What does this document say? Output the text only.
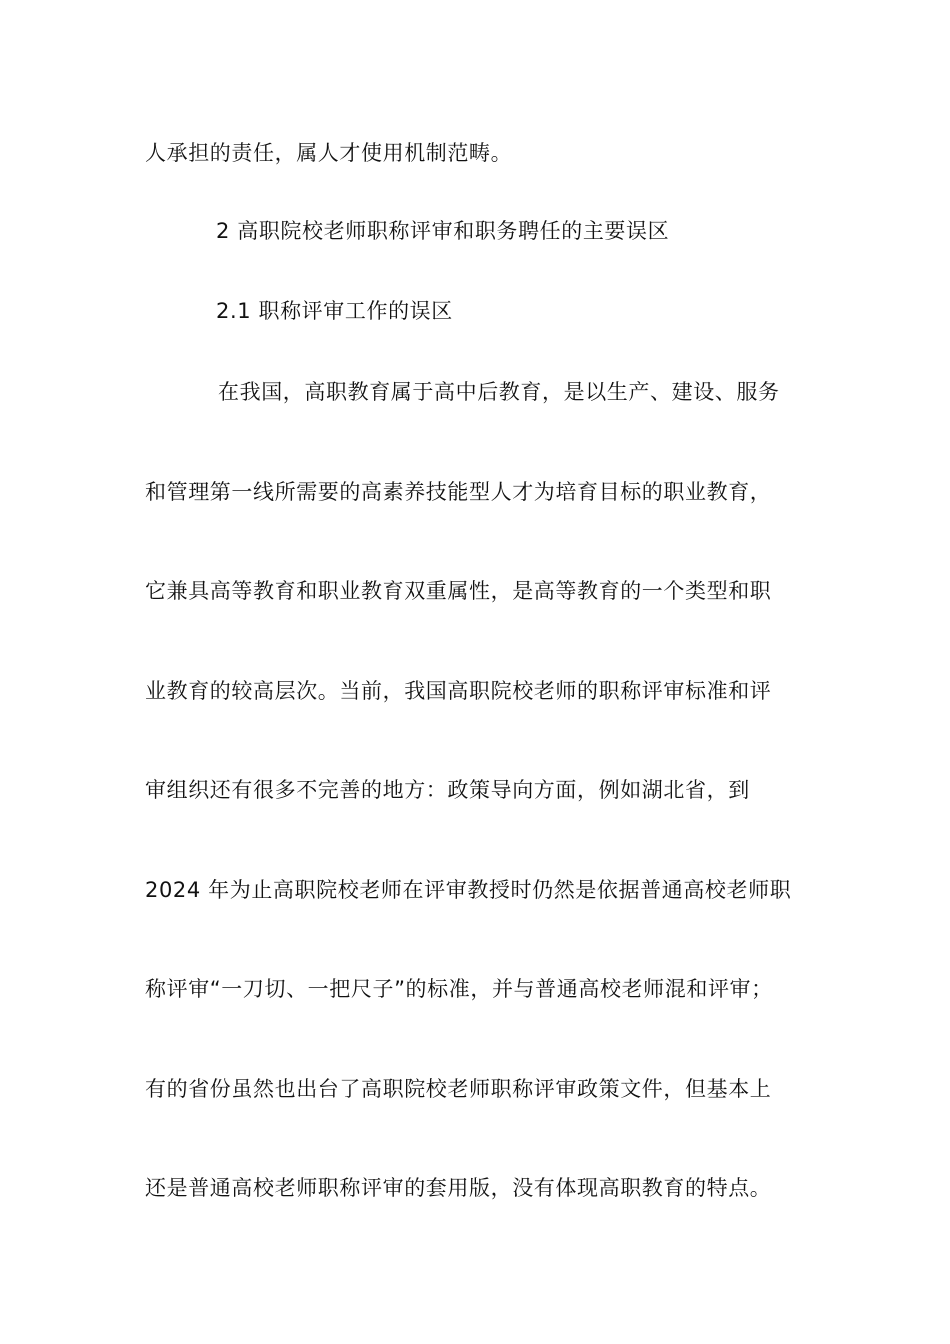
人承担的责任，属人才使用机制范畴。
2 高职院校老师职称评审和职务聘任的主要误区
2.1 职称评审工作的误区
在我国，高职教育属于高中后教育，是以生产、建设、服务
和管理第一线所需要的高素养技能型人才为培育目标的职业教育，
它兼具高等教育和职业教育双重属性，是高等教育的一个类型和职
业教育的较高层次。当前，我国高职院校老师的职称评审标准和评
审组织还有很多不完善的地方：政策导向方面，例如湖北省，到
2024 年为止高职院校老师在评审教授时仍然是依据普通高校老师职
称评审“一刀切、一把尺子”的标准，并与普通高校老师混和评审；
有的省份虽然也出台了高职院校老师职称评审政策文件，但基本上
还是普通高校老师职称评审的套用版，没有体现高职教育的特点。
